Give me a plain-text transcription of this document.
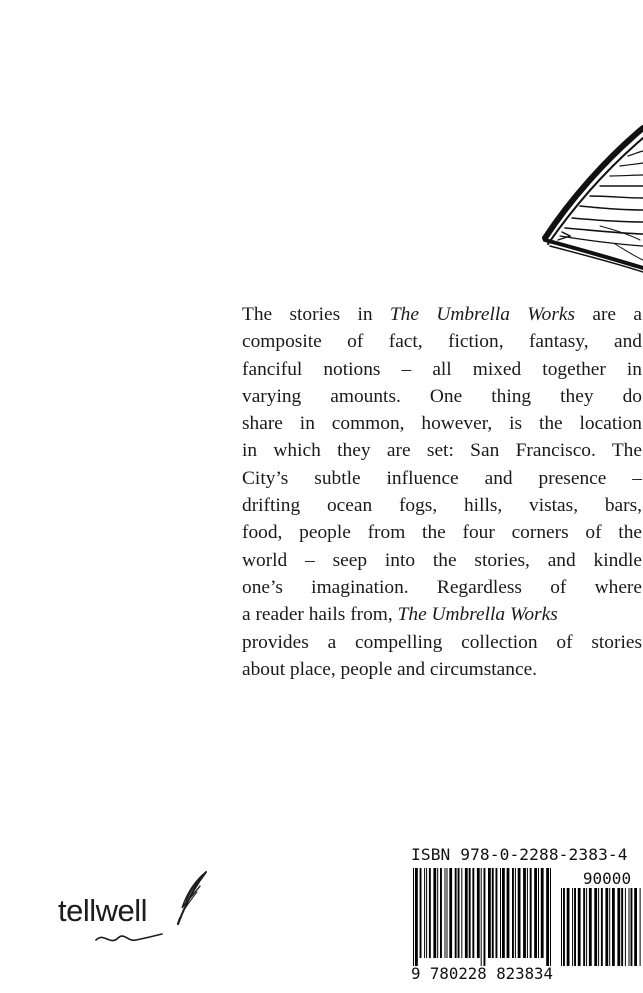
The stories in The Umbrella Works are a
composite of fact, fiction, fantasy, and
fanciful notions – all mixed together in
varying amounts. One thing they do
share in common, however, is the location
in which they are set: San Francisco. The
City’s subtle influence and presence –
drifting ocean fogs, hills, vistas, bars,
food, people from the four corners of the
world – seep into the stories, and kindle
one’s imagination. Regardless of where
a reader hails from, The Umbrella Works
provides a compelling collection of stories
about place, people and circumstance.
tellwell
ISBN 978-0-2288-2383-4
90000
9 780228 823834
